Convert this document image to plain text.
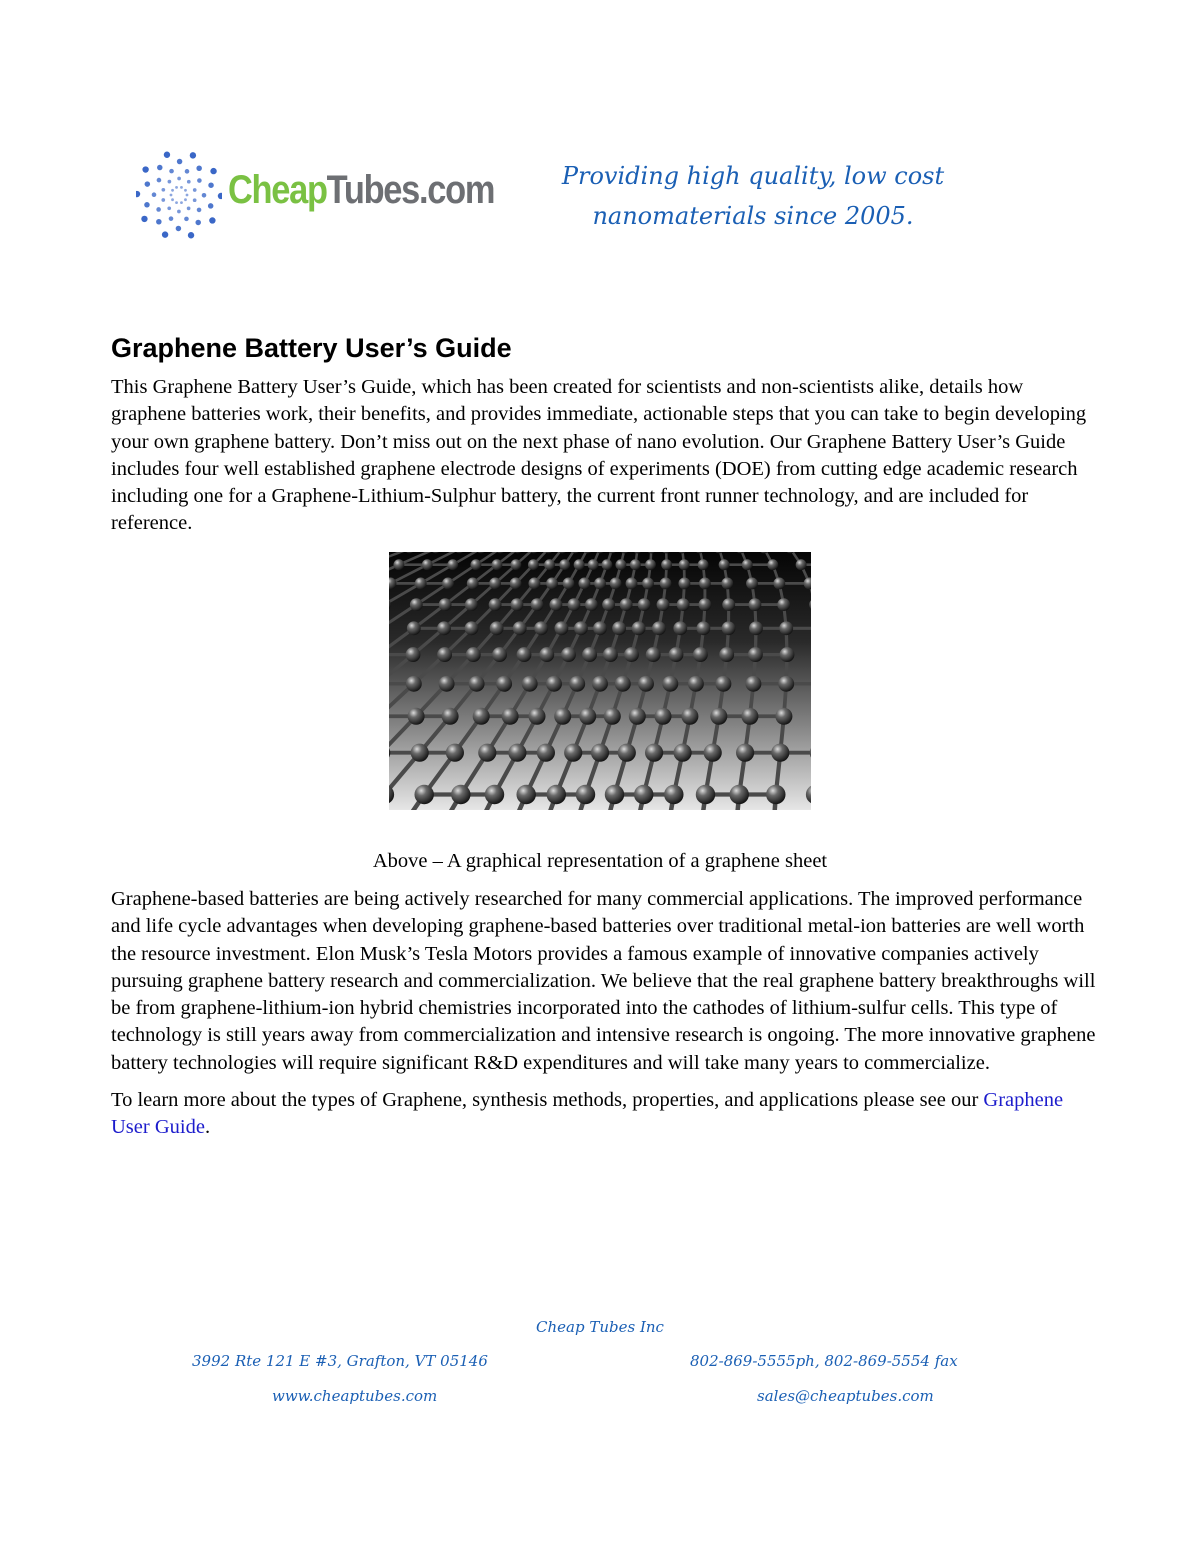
CheapTubes.com	Providing high quality, low cost
nanomaterials since 2005.
Graphene Battery User’s Guide

This Graphene Battery User’s Guide, which has been created for scientists and non-scientists alike, details how graphene batteries work, their benefits, and provides immediate, actionable steps that you can take to begin developing your own graphene battery. Don’t miss out on the next phase of nano evolution. Our Graphene Battery User’s Guide includes four well established graphene electrode designs of experiments (DOE) from cutting edge academic research including one for a Graphene-Lithium-Sulphur battery, the current front runner technology, and are included for reference.

Above – A graphical representation of a graphene sheet

Graphene-based batteries are being actively researched for many commercial applications. The improved performance and life cycle advantages when developing graphene-based batteries over traditional metal-ion batteries are well worth the resource investment. Elon Musk’s Tesla Motors provides a famous example of innovative companies actively pursuing graphene battery research and commercialization. We believe that the real graphene battery breakthroughs will be from graphene-lithium-ion hybrid chemistries incorporated into the cathodes of lithium-sulfur cells. This type of technology is still years away from commercialization and intensive research is ongoing. The more innovative graphene battery technologies will require significant R&D expenditures and will take many years to commercialize.

To learn more about the types of Graphene, synthesis methods, properties, and applications please see our Graphene User Guide.

Cheap Tubes Inc
3992 Rte 121 E #3, Grafton, VT 05146	802-869-5555ph, 802-869-5554 fax
www.cheaptubes.com	sales@cheaptubes.com
